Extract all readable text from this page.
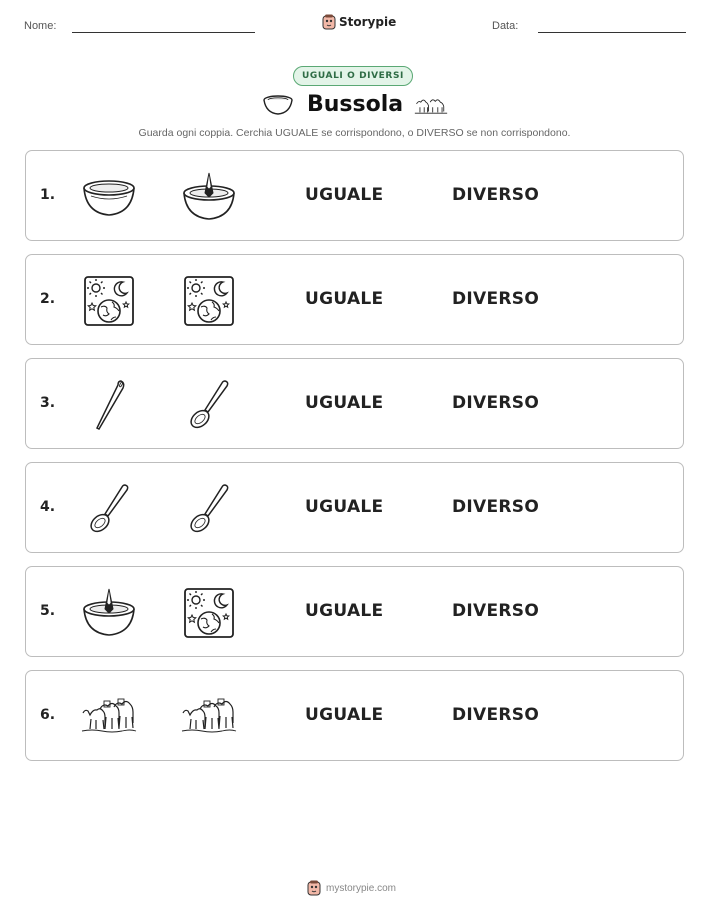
Nome:	Storypie	Data:
UGUALI O DIVERSI
Bussola
Guarda ogni coppia. Cerchia UGUALE se corrispondono, o DIVERSO se non corrispondono.
1.	UGUALE	DIVERSO
2.	UGUALE	DIVERSO
3.	UGUALE	DIVERSO
4.	UGUALE	DIVERSO
5.	UGUALE	DIVERSO
6.	UGUALE	DIVERSO
mystorypie.com
